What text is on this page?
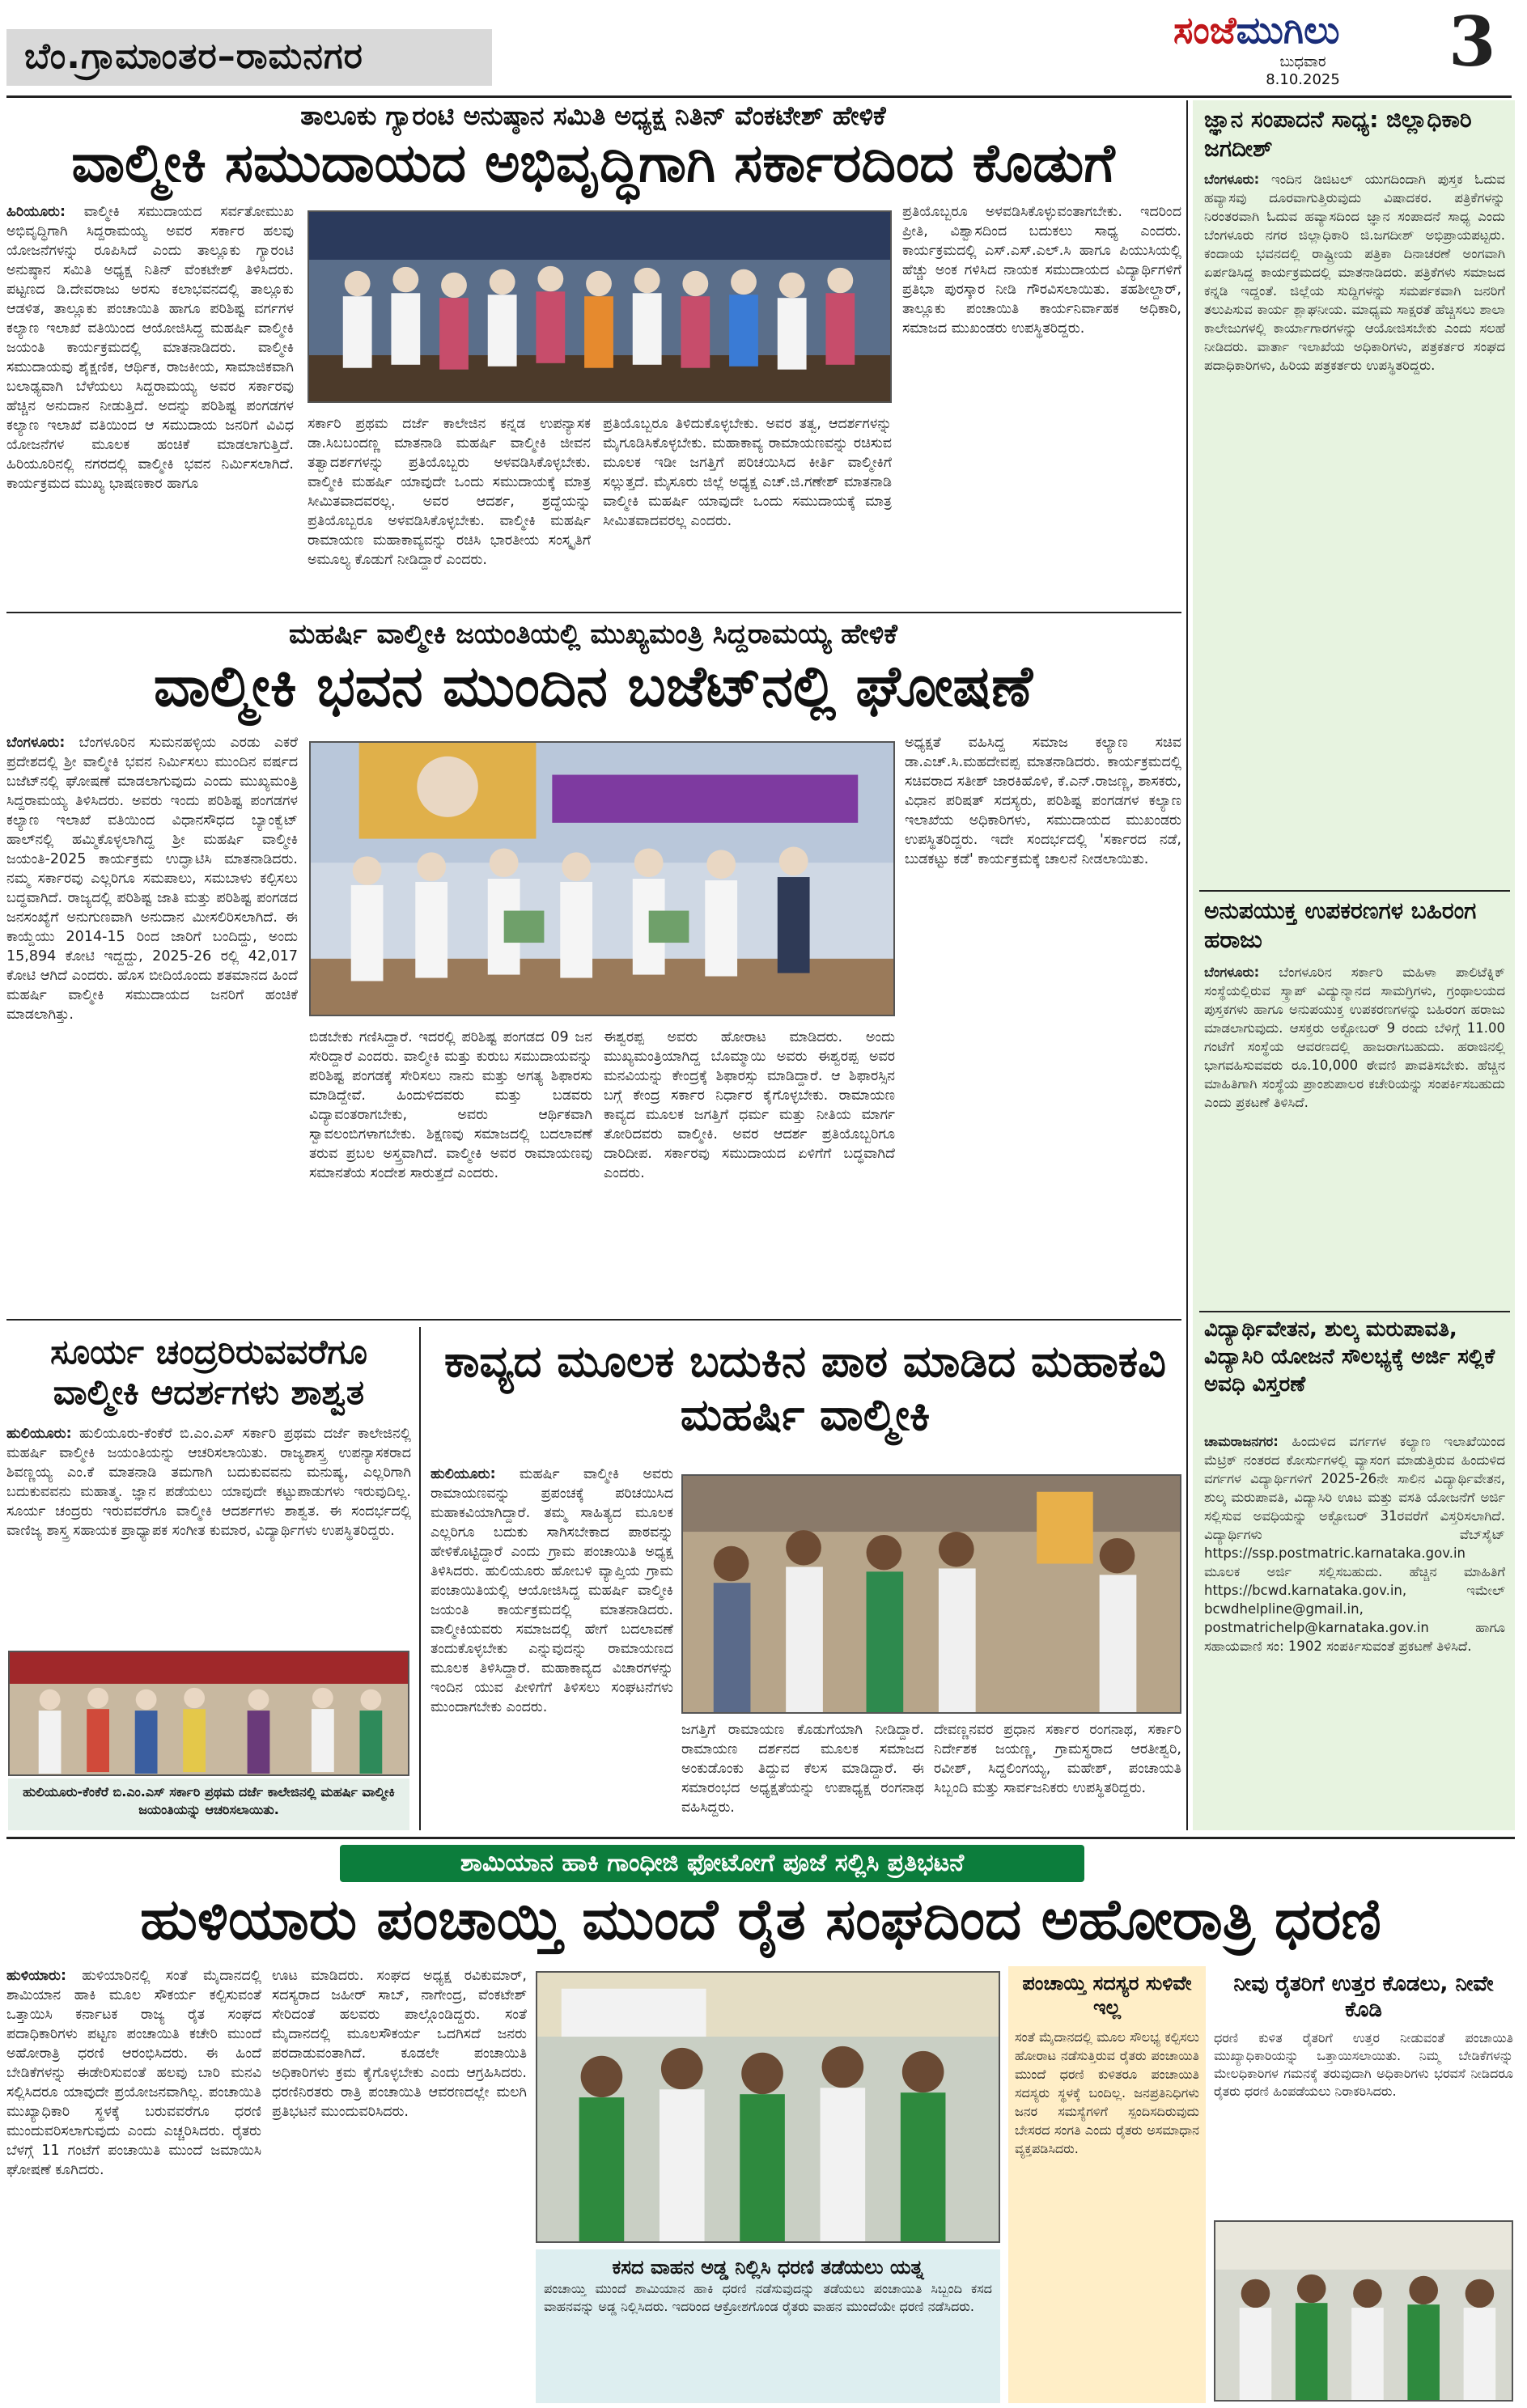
ಬೆಂ.ಗ್ರಾಮಾಂತರ–ರಾಮನಗರ
ಸಂಜೆಮುಗಿಲು
ಬುಧವಾರ
8.10.2025 3
ತಾಲೂಕು ಗ್ಯಾರಂಟಿ ಅನುಷ್ಠಾನ ಸಮಿತಿ ಅಧ್ಯಕ್ಷ ನಿತಿನ್ ವೆಂಕಟೇಶ್ ಹೇಳಿಕೆ
ವಾಲ್ಮೀಕಿ ಸಮುದಾಯದ ಅಭಿವೃದ್ಧಿಗಾಗಿ ಸರ್ಕಾರದಿಂದ ಕೊಡುಗೆ
ಹಿರಿಯೂರು: ವಾಲ್ಮೀಕಿ ಸಮುದಾಯದ ಸರ್ವತೋಮುಖ ಅಭಿವೃದ್ಧಿಗಾಗಿ ಸಿದ್ದರಾಮಯ್ಯ ಅವರ ಸರ್ಕಾರ ಹಲವು ಯೋಜನೆಗಳನ್ನು ರೂಪಿಸಿದೆ ಎಂದು ತಾಲ್ಲೂಕು ಗ್ಯಾರಂಟಿ ಅನುಷ್ಠಾನ ಸಮಿತಿ ಅಧ್ಯಕ್ಷ ನಿತಿನ್ ವೆಂಕಟೇಶ್ ತಿಳಿಸಿದರು. ಪಟ್ಟಣದ ಡಿ.ದೇವರಾಜು ಅರಸು ಕಲಾಭವನದಲ್ಲಿ ತಾಲ್ಲೂಕು ಆಡಳಿತ, ತಾಲ್ಲೂಕು ಪಂಚಾಯಿತಿ ಹಾಗೂ ಪರಿಶಿಷ್ಟ ವರ್ಗಗಳ ಕಲ್ಯಾಣ ಇಲಾಖೆ ವತಿಯಿಂದ ಆಯೋಜಿಸಿದ್ದ ಮಹರ್ಷಿ ವಾಲ್ಮೀಕಿ ಜಯಂತಿ ಕಾರ್ಯಕ್ರಮದಲ್ಲಿ ಮಾತನಾಡಿದರು. ವಾಲ್ಮೀಕಿ ಸಮುದಾಯವು ಶೈಕ್ಷಣಿಕ, ಆರ್ಥಿಕ, ರಾಜಕೀಯ, ಸಾಮಾಜಿಕವಾಗಿ ಬಲಾಢ್ಯವಾಗಿ ಬೆಳೆಯಲು ಸಿದ್ದರಾಮಯ್ಯ ಅವರ ಸರ್ಕಾರವು ಹೆಚ್ಚಿನ ಅನುದಾನ ನೀಡುತ್ತಿದೆ. ಅದನ್ನು ಪರಿಶಿಷ್ಟ ಪಂಗಡಗಳ ಕಲ್ಯಾಣ ಇಲಾಖೆ ವತಿಯಿಂದ ಆ ಸಮುದಾಯ ಜನರಿಗೆ ವಿವಿಧ ಯೋಜನೆಗಳ ಮೂಲಕ ಹಂಚಿಕೆ ಮಾಡಲಾಗುತ್ತಿದೆ. ಹಿರಿಯೂರಿನಲ್ಲಿ ನಗರದಲ್ಲಿ ವಾಲ್ಮೀಕಿ ಭವನ ನಿರ್ಮಿಸಲಾಗಿದೆ. ಕಾರ್ಯಕ್ರಮದ ಮುಖ್ಯ ಭಾಷಣಕಾರ ಹಾಗೂ
ಸರ್ಕಾರಿ ಪ್ರಥಮ ದರ್ಜೆ ಕಾಲೇಜಿನ ಕನ್ನಡ ಉಪನ್ಯಾಸಕ ಡಾ.ಸಿಬಬಂದಣ್ಣ ಮಾತನಾಡಿ ಮಹರ್ಷಿ ವಾಲ್ಮೀಕಿ ಜೀವನ ತತ್ವಾದರ್ಶಗಳನ್ನು ಪ್ರತಿಯೊಬ್ಬರು ಅಳವಡಿಸಿಕೊಳ್ಳಬೇಕು. ವಾಲ್ಮೀಕಿ ಮಹರ್ಷಿ ಯಾವುದೇ ಒಂದು ಸಮುದಾಯಕ್ಕೆ ಮಾತ್ರ ಸೀಮಿತವಾದವರಲ್ಲ. ಅವರ ಆದರ್ಶ, ಶ್ರದ್ಧೆಯನ್ನು ಪ್ರತಿಯೊಬ್ಬರೂ ಅಳವಡಿಸಿಕೊಳ್ಳಬೇಕು. ವಾಲ್ಮೀಕಿ ಮಹರ್ಷಿ ರಾಮಾಯಣ ಮಹಾಕಾವ್ಯವನ್ನು ರಚಿಸಿ ಭಾರತೀಯ ಸಂಸ್ಕೃತಿಗೆ ಅಮೂಲ್ಯ ಕೊಡುಗೆ ನೀಡಿದ್ದಾರೆ ಎಂದರು.
ಪ್ರತಿಯೊಬ್ಬರೂ ತಿಳಿದುಕೊಳ್ಳಬೇಕು. ಅವರ ತತ್ವ, ಆದರ್ಶಗಳನ್ನು ಮೈಗೂಡಿಸಿಕೊಳ್ಳಬೇಕು. ಮಹಾಕಾವ್ಯ ರಾಮಾಯಣವನ್ನು ರಚಿಸುವ ಮೂಲಕ ಇಡೀ ಜಗತ್ತಿಗೆ ಪರಿಚಯಿಸಿದ ಕೀರ್ತಿ ವಾಲ್ಮೀಕಿಗೆ ಸಲ್ಲುತ್ತದೆ. ಮೈಸೂರು ಜಿಲ್ಲೆ ಅಧ್ಯಕ್ಷ ಎಚ್.ಜಿ.ಗಣೇಶ್ ಮಾತನಾಡಿ ವಾಲ್ಮೀಕಿ ಮಹರ್ಷಿ ಯಾವುದೇ ಒಂದು ಸಮುದಾಯಕ್ಕೆ ಮಾತ್ರ ಸೀಮಿತವಾದವರಲ್ಲ ಎಂದರು.
ಪ್ರತಿಯೊಬ್ಬರೂ ಅಳವಡಿಸಿಕೊಳ್ಳುವಂತಾಗಬೇಕು. ಇದರಿಂದ ಪ್ರೀತಿ, ವಿಶ್ವಾಸದಿಂದ ಬದುಕಲು ಸಾಧ್ಯ ಎಂದರು. ಕಾರ್ಯಕ್ರಮದಲ್ಲಿ ಎಸ್.ಎಸ್.ಎಲ್.ಸಿ ಹಾಗೂ ಪಿಯುಸಿಯಲ್ಲಿ ಹೆಚ್ಚು ಅಂಕ ಗಳಿಸಿದ ನಾಯಕ ಸಮುದಾಯದ ವಿದ್ಯಾರ್ಥಿಗಳಿಗೆ ಪ್ರತಿಭಾ ಪುರಸ್ಕಾರ ನೀಡಿ ಗೌರವಿಸಲಾಯಿತು. ತಹಶೀಲ್ದಾರ್, ತಾಲ್ಲೂಕು ಪಂಚಾಯಿತಿ ಕಾರ್ಯನಿರ್ವಾಹಕ ಅಧಿಕಾರಿ, ಸಮಾಜದ ಮುಖಂಡರು ಉಪಸ್ಥಿತರಿದ್ದರು.
ಮಹರ್ಷಿ ವಾಲ್ಮೀಕಿ ಜಯಂತಿಯಲ್ಲಿ ಮುಖ್ಯಮಂತ್ರಿ ಸಿದ್ದರಾಮಯ್ಯ ಹೇಳಿಕೆ
ವಾಲ್ಮೀಕಿ ಭವನ ಮುಂದಿನ ಬಜೆಟ್‌ನಲ್ಲಿ ಘೋಷಣೆ
ಬೆಂಗಳೂರು: ಬೆಂಗಳೂರಿನ ಸುಮನಹಳ್ಳಿಯ ಎರಡು ಎಕರೆ ಪ್ರದೇಶದಲ್ಲಿ ಶ್ರೀ ವಾಲ್ಮೀಕಿ ಭವನ ನಿರ್ಮಿಸಲು ಮುಂದಿನ ವರ್ಷದ ಬಜೆಟ್‌ನಲ್ಲಿ ಘೋಷಣೆ ಮಾಡಲಾಗುವುದು ಎಂದು ಮುಖ್ಯಮಂತ್ರಿ ಸಿದ್ದರಾಮಯ್ಯ ತಿಳಿಸಿದರು. ಅವರು ಇಂದು ಪರಿಶಿಷ್ಟ ಪಂಗಡಗಳ ಕಲ್ಯಾಣ ಇಲಾಖೆ ವತಿಯಿಂದ ವಿಧಾನಸೌಧದ ಬ್ಯಾಂಕ್ವೆಟ್ ಹಾಲ್‌ನಲ್ಲಿ ಹಮ್ಮಿಕೊಳ್ಳಲಾಗಿದ್ದ ಶ್ರೀ ಮಹರ್ಷಿ ವಾಲ್ಮೀಕಿ ಜಯಂತಿ-2025 ಕಾರ್ಯಕ್ರಮ ಉದ್ಘಾಟಿಸಿ ಮಾತನಾಡಿದರು. ನಮ್ಮ ಸರ್ಕಾರವು ಎಲ್ಲರಿಗೂ ಸಮಪಾಲು, ಸಮಬಾಳು ಕಲ್ಪಿಸಲು ಬದ್ಧವಾಗಿದೆ. ರಾಜ್ಯದಲ್ಲಿ ಪರಿಶಿಷ್ಟ ಜಾತಿ ಮತ್ತು ಪರಿಶಿಷ್ಟ ಪಂಗಡದ ಜನಸಂಖ್ಯೆಗೆ ಅನುಗುಣವಾಗಿ ಅನುದಾನ ಮೀಸಲಿರಿಸಲಾಗಿದೆ. ಈ ಕಾಯ್ದೆಯು 2014-15 ರಿಂದ ಜಾರಿಗೆ ಬಂದಿದ್ದು, ಅಂದು 15,894 ಕೋಟಿ ಇದ್ದದ್ದು, 2025-26 ರಲ್ಲಿ 42,017 ಕೋಟಿ ಆಗಿದೆ ಎಂದರು. ಹೊಸ ಬೀದಿಯೊಂದು ಶತಮಾನದ ಹಿಂದೆ ಮಹರ್ಷಿ ವಾಲ್ಮೀಕಿ ಸಮುದಾಯದ ಜನರಿಗೆ ಹಂಚಿಕೆ ಮಾಡಲಾಗಿತ್ತು.
ಬಿಡಬೇಕು ಗಣಿಸಿದ್ದಾರೆ. ಇದರಲ್ಲಿ ಪರಿಶಿಷ್ಟ ಪಂಗಡದ 09 ಜನ ಸೇರಿದ್ದಾರೆ ಎಂದರು. ವಾಲ್ಮೀಕಿ ಮತ್ತು ಕುರುಬ ಸಮುದಾಯವನ್ನು ಪರಿಶಿಷ್ಟ ಪಂಗಡಕ್ಕೆ ಸೇರಿಸಲು ನಾನು ಮತ್ತು ಅಗತ್ಯ ಶಿಫಾರಸು ಮಾಡಿದ್ದೇವೆ. ಹಿಂದುಳಿದವರು ಮತ್ತು ಬಡವರು ವಿದ್ಯಾವಂತರಾಗಬೇಕು, ಅವರು ಆರ್ಥಿಕವಾಗಿ ಸ್ವಾವಲಂಬಿಗಳಾಗಬೇಕು. ಶಿಕ್ಷಣವು ಸಮಾಜದಲ್ಲಿ ಬದಲಾವಣೆ ತರುವ ಪ್ರಬಲ ಅಸ್ತ್ರವಾಗಿದೆ. ವಾಲ್ಮೀಕಿ ಅವರ ರಾಮಾಯಣವು ಸಮಾನತೆಯ ಸಂದೇಶ ಸಾರುತ್ತದೆ ಎಂದರು.
ಈಶ್ವರಪ್ಪ ಅವರು ಹೋರಾಟ ಮಾಡಿದರು. ಅಂದು ಮುಖ್ಯಮಂತ್ರಿಯಾಗಿದ್ದ ಬೊಮ್ಮಾಯಿ ಅವರು ಈಶ್ವರಪ್ಪ ಅವರ ಮನವಿಯನ್ನು ಕೇಂದ್ರಕ್ಕೆ ಶಿಫಾರಸ್ಸು ಮಾಡಿದ್ದಾರೆ. ಆ ಶಿಫಾರಸ್ಸಿನ ಬಗ್ಗೆ ಕೇಂದ್ರ ಸರ್ಕಾರ ನಿರ್ಧಾರ ಕೈಗೊಳ್ಳಬೇಕು. ರಾಮಾಯಣ ಕಾವ್ಯದ ಮೂಲಕ ಜಗತ್ತಿಗೆ ಧರ್ಮ ಮತ್ತು ನೀತಿಯ ಮಾರ್ಗ ತೋರಿದವರು ವಾಲ್ಮೀಕಿ. ಅವರ ಆದರ್ಶ ಪ್ರತಿಯೊಬ್ಬರಿಗೂ ದಾರಿದೀಪ. ಸರ್ಕಾರವು ಸಮುದಾಯದ ಏಳಿಗೆಗೆ ಬದ್ಧವಾಗಿದೆ ಎಂದರು.
ಅಧ್ಯಕ್ಷತೆ ವಹಿಸಿದ್ದ ಸಮಾಜ ಕಲ್ಯಾಣ ಸಚಿವ ಡಾ.ಎಚ್.ಸಿ.ಮಹದೇವಪ್ಪ ಮಾತನಾಡಿದರು. ಕಾರ್ಯಕ್ರಮದಲ್ಲಿ ಸಚಿವರಾದ ಸತೀಶ್ ಜಾರಕಿಹೊಳಿ, ಕೆ.ಎನ್.ರಾಜಣ್ಣ, ಶಾಸಕರು, ವಿಧಾನ ಪರಿಷತ್ ಸದಸ್ಯರು, ಪರಿಶಿಷ್ಟ ಪಂಗಡಗಳ ಕಲ್ಯಾಣ ಇಲಾಖೆಯ ಅಧಿಕಾರಿಗಳು, ಸಮುದಾಯದ ಮುಖಂಡರು ಉಪಸ್ಥಿತರಿದ್ದರು. ಇದೇ ಸಂದರ್ಭದಲ್ಲಿ 'ಸರ್ಕಾರದ ನಡೆ, ಬುಡಕಟ್ಟು ಕಡೆ' ಕಾರ್ಯಕ್ರಮಕ್ಕೆ ಚಾಲನೆ ನೀಡಲಾಯಿತು.
ಸೂರ್ಯ ಚಂದ್ರರಿರುವವರೆಗೂ ವಾಲ್ಮೀಕಿ ಆದರ್ಶಗಳು ಶಾಶ್ವತ
ಹುಲಿಯೂರು: ಹುಲಿಯೂರು-ಕೆಂಕೆರೆ ಬಿ.ಎಂ.ಎಸ್ ಸರ್ಕಾರಿ ಪ್ರಥಮ ದರ್ಜೆ ಕಾಲೇಜಿನಲ್ಲಿ ಮಹರ್ಷಿ ವಾಲ್ಮೀಕಿ ಜಯಂತಿಯನ್ನು ಆಚರಿಸಲಾಯಿತು. ರಾಜ್ಯಶಾಸ್ತ್ರ ಉಪನ್ಯಾಸಕರಾದ ಶಿವಣ್ಣಯ್ಯ ಎಂ.ಕೆ ಮಾತನಾಡಿ ತಮಗಾಗಿ ಬದುಕುವವನು ಮನುಷ್ಯ, ಎಲ್ಲರಿಗಾಗಿ ಬದುಕುವವನು ಮಹಾತ್ಮ. ಜ್ಞಾನ ಪಡೆಯಲು ಯಾವುದೇ ಕಟ್ಟುಪಾಡುಗಳು ಇರುವುದಿಲ್ಲ. ಸೂರ್ಯ ಚಂದ್ರರು ಇರುವವರೆಗೂ ವಾಲ್ಮೀಕಿ ಆದರ್ಶಗಳು ಶಾಶ್ವತ. ಈ ಸಂದರ್ಭದಲ್ಲಿ ವಾಣಿಜ್ಯ ಶಾಸ್ತ್ರ ಸಹಾಯಕ ಪ್ರಾಧ್ಯಾಪಕ ಸಂಗೀತ ಕುಮಾರ, ವಿದ್ಯಾರ್ಥಿಗಳು ಉಪಸ್ಥಿತರಿದ್ದರು.
ಹುಲಿಯೂರು-ಕೆಂಕೆರೆ ಬಿ.ಎಂ.ಎಸ್ ಸರ್ಕಾರಿ ಪ್ರಥಮ ದರ್ಜೆ ಕಾಲೇಜಿನಲ್ಲಿ ಮಹರ್ಷಿ ವಾಲ್ಮೀಕಿ ಜಯಂತಿಯನ್ನು ಆಚರಿಸಲಾಯಿತು.
ಕಾವ್ಯದ ಮೂಲಕ ಬದುಕಿನ ಪಾಠ ಮಾಡಿದ ಮಹಾಕವಿ ಮಹರ್ಷಿ ವಾಲ್ಮೀಕಿ
ಹುಲಿಯೂರು: ಮಹರ್ಷಿ ವಾಲ್ಮೀಕಿ ಅವರು ರಾಮಾಯಣವನ್ನು ಪ್ರಪಂಚಕ್ಕೆ ಪರಿಚಯಿಸಿದ ಮಹಾಕವಿಯಾಗಿದ್ದಾರೆ. ತಮ್ಮ ಸಾಹಿತ್ಯದ ಮೂಲಕ ಎಲ್ಲರಿಗೂ ಬದುಕು ಸಾಗಿಸಬೇಕಾದ ಪಾಠವನ್ನು ಹೇಳಿಕೊಟ್ಟಿದ್ದಾರೆ ಎಂದು ಗ್ರಾಮ ಪಂಚಾಯಿತಿ ಅಧ್ಯಕ್ಷ ತಿಳಿಸಿದರು. ಹುಲಿಯೂರು ಹೋಬಳಿ ವ್ಯಾಪ್ತಿಯ ಗ್ರಾಮ ಪಂಚಾಯಿತಿಯಲ್ಲಿ ಆಯೋಜಿಸಿದ್ದ ಮಹರ್ಷಿ ವಾಲ್ಮೀಕಿ ಜಯಂತಿ ಕಾರ್ಯಕ್ರಮದಲ್ಲಿ ಮಾತನಾಡಿದರು. ವಾಲ್ಮೀಕಿಯವರು ಸಮಾಜದಲ್ಲಿ ಹೇಗೆ ಬದಲಾವಣೆ ತಂದುಕೊಳ್ಳಬೇಕು ಎನ್ನುವುದನ್ನು ರಾಮಾಯಣದ ಮೂಲಕ ತಿಳಿಸಿದ್ದಾರೆ. ಮಹಾಕಾವ್ಯದ ವಿಚಾರಗಳನ್ನು ಇಂದಿನ ಯುವ ಪೀಳಿಗೆಗೆ ತಿಳಿಸಲು ಸಂಘಟನೆಗಳು ಮುಂದಾಗಬೇಕು ಎಂದರು.
ಜಗತ್ತಿಗೆ ರಾಮಾಯಣ ಕೊಡುಗೆಯಾಗಿ ನೀಡಿದ್ದಾರೆ. ರಾಮಾಯಣ ದರ್ಶನದ ಮೂಲಕ ಸಮಾಜದ ಅಂಕುಡೊಂಕು ತಿದ್ದುವ ಕೆಲಸ ಮಾಡಿದ್ದಾರೆ. ಈ ಸಮಾರಂಭದ ಅಧ್ಯಕ್ಷತೆಯನ್ನು ಉಪಾಧ್ಯಕ್ಷ ರಂಗನಾಥ ವಹಿಸಿದ್ದರು.
ದೇವಣ್ಣನವರ ಪ್ರಧಾನ ಸರ್ಕಾರ ರಂಗನಾಥ, ಸರ್ಕಾರಿ ನಿರ್ದೇಶಕ ಜಯಣ್ಣ, ಗ್ರಾಮಸ್ಥರಾದ ಆರತೀಶ್ವರಿ, ರವೀಶ್, ಸಿದ್ದಲಿಂಗಯ್ಯ, ಮಹೇಶ್, ಪಂಚಾಯತಿ ಸಿಬ್ಬಂದಿ ಮತ್ತು ಸಾರ್ವಜನಿಕರು ಉಪಸ್ಥಿತರಿದ್ದರು.
ಜ್ಞಾನ ಸಂಪಾದನೆ ಸಾಧ್ಯ: ಜಿಲ್ಲಾಧಿಕಾರಿ ಜಗದೀಶ್
ಬೆಂಗಳೂರು: ಇಂದಿನ ಡಿಜಿಟಲ್ ಯುಗದಿಂದಾಗಿ ಪುಸ್ತಕ ಓದುವ ಹವ್ಯಾಸವು ದೂರವಾಗುತ್ತಿರುವುದು ವಿಷಾದಕರ. ಪತ್ರಿಕೆಗಳನ್ನು ನಿರಂತರವಾಗಿ ಓದುವ ಹವ್ಯಾಸದಿಂದ ಜ್ಞಾನ ಸಂಪಾದನೆ ಸಾಧ್ಯ ಎಂದು ಬೆಂಗಳೂರು ನಗರ ಜಿಲ್ಲಾಧಿಕಾರಿ ಜಿ.ಜಗದೀಶ್ ಅಭಿಪ್ರಾಯಪಟ್ಟರು. ಕಂದಾಯ ಭವನದಲ್ಲಿ ರಾಷ್ಟ್ರೀಯ ಪತ್ರಿಕಾ ದಿನಾಚರಣೆ ಅಂಗವಾಗಿ ಏರ್ಪಡಿಸಿದ್ದ ಕಾರ್ಯಕ್ರಮದಲ್ಲಿ ಮಾತನಾಡಿದರು. ಪತ್ರಿಕೆಗಳು ಸಮಾಜದ ಕನ್ನಡಿ ಇದ್ದಂತೆ. ಜಿಲ್ಲೆಯ ಸುದ್ದಿಗಳನ್ನು ಸಮರ್ಪಕವಾಗಿ ಜನರಿಗೆ ತಲುಪಿಸುವ ಕಾರ್ಯ ಶ್ಲಾಘನೀಯ. ಮಾಧ್ಯಮ ಸಾಕ್ಷರತೆ ಹೆಚ್ಚಿಸಲು ಶಾಲಾ ಕಾಲೇಜುಗಳಲ್ಲಿ ಕಾರ್ಯಾಗಾರಗಳನ್ನು ಆಯೋಜಿಸಬೇಕು ಎಂದು ಸಲಹೆ ನೀಡಿದರು. ವಾರ್ತಾ ಇಲಾಖೆಯ ಅಧಿಕಾರಿಗಳು, ಪತ್ರಕರ್ತರ ಸಂಘದ ಪದಾಧಿಕಾರಿಗಳು, ಹಿರಿಯ ಪತ್ರಕರ್ತರು ಉಪಸ್ಥಿತರಿದ್ದರು.
ಅನುಪಯುಕ್ತ ಉಪಕರಣಗಳ ಬಹಿರಂಗ ಹರಾಜು
ಬೆಂಗಳೂರು: ಬೆಂಗಳೂರಿನ ಸರ್ಕಾರಿ ಮಹಿಳಾ ಪಾಲಿಟೆಕ್ನಿಕ್ ಸಂಸ್ಥೆಯಲ್ಲಿರುವ ಸ್ಕ್ರಾಪ್ ವಿದ್ಯುನ್ಮಾನದ ಸಾಮಗ್ರಿಗಳು, ಗ್ರಂಥಾಲಯದ ಪುಸ್ತಕಗಳು ಹಾಗೂ ಅನುಪಯುಕ್ತ ಉಪಕರಣಗಳನ್ನು ಬಹಿರಂಗ ಹರಾಜು ಮಾಡಲಾಗುವುದು. ಆಸಕ್ತರು ಅಕ್ಟೋಬರ್ 9 ರಂದು ಬೆಳಿಗ್ಗೆ 11.00 ಗಂಟೆಗೆ ಸಂಸ್ಥೆಯ ಆವರಣದಲ್ಲಿ ಹಾಜರಾಗಬಹುದು. ಹರಾಜಿನಲ್ಲಿ ಭಾಗವಹಿಸುವವರು ರೂ.10,000 ಠೇವಣಿ ಪಾವತಿಸಬೇಕು. ಹೆಚ್ಚಿನ ಮಾಹಿತಿಗಾಗಿ ಸಂಸ್ಥೆಯ ಪ್ರಾಂಶುಪಾಲರ ಕಚೇರಿಯನ್ನು ಸಂಪರ್ಕಿಸಬಹುದು ಎಂದು ಪ್ರಕಟಣೆ ತಿಳಿಸಿದೆ.
ವಿದ್ಯಾರ್ಥಿವೇತನ, ಶುಲ್ಕ ಮರುಪಾವತಿ, ವಿದ್ಯಾಸಿರಿ ಯೋಜನೆ ಸೌಲಭ್ಯಕ್ಕೆ ಅರ್ಜಿ ಸಲ್ಲಿಕೆ ಅವಧಿ ವಿಸ್ತರಣೆ
ಚಾಮರಾಜನಗರ: ಹಿಂದುಳಿದ ವರ್ಗಗಳ ಕಲ್ಯಾಣ ಇಲಾಖೆಯಿಂದ ಮೆಟ್ರಿಕ್ ನಂತರದ ಕೋರ್ಸುಗಳಲ್ಲಿ ವ್ಯಾಸಂಗ ಮಾಡುತ್ತಿರುವ ಹಿಂದುಳಿದ ವರ್ಗಗಳ ವಿದ್ಯಾರ್ಥಿಗಳಿಗೆ 2025-26ನೇ ಸಾಲಿನ ವಿದ್ಯಾರ್ಥಿವೇತನ, ಶುಲ್ಕ ಮರುಪಾವತಿ, ವಿದ್ಯಾಸಿರಿ ಊಟ ಮತ್ತು ವಸತಿ ಯೋಜನೆಗೆ ಅರ್ಜಿ ಸಲ್ಲಿಸುವ ಅವಧಿಯನ್ನು ಅಕ್ಟೋಬರ್ 31ರವರೆಗೆ ವಿಸ್ತರಿಸಲಾಗಿದೆ. ವಿದ್ಯಾರ್ಥಿಗಳು ವೆಬ್‌ಸೈಟ್ https://ssp.postmatric.karnataka.gov.in ಮೂಲಕ ಅರ್ಜಿ ಸಲ್ಲಿಸಬಹುದು. ಹೆಚ್ಚಿನ ಮಾಹಿತಿಗೆ https://bcwd.karnataka.gov.in, ಇಮೇಲ್ bcwdhelpline@gmail.in, postmatrichelp@karnataka.gov.in ಹಾಗೂ ಸಹಾಯವಾಣಿ ಸಂ: 1902 ಸಂಪರ್ಕಿಸುವಂತೆ ಪ್ರಕಟಣೆ ತಿಳಿಸಿದೆ.
ಶಾಮಿಯಾನ ಹಾಕಿ ಗಾಂಧೀಜಿ ಫೋಟೋಗೆ ಪೂಜೆ ಸಲ್ಲಿಸಿ ಪ್ರತಿಭಟನೆ
ಹುಳಿಯಾರು ಪಂಚಾಯ್ತಿ ಮುಂದೆ ರೈತ ಸಂಘದಿಂದ ಅಹೋರಾತ್ರಿ ಧರಣಿ
ಹುಳಿಯಾರು: ಹುಳಿಯಾರಿನಲ್ಲಿ ಸಂತೆ ಮೈದಾನದಲ್ಲಿ ಶಾಮಿಯಾನ ಹಾಕಿ ಮೂಲ ಸೌಕರ್ಯ ಕಲ್ಪಿಸುವಂತೆ ಒತ್ತಾಯಿಸಿ ಕರ್ನಾಟಕ ರಾಜ್ಯ ರೈತ ಸಂಘದ ಪದಾಧಿಕಾರಿಗಳು ಪಟ್ಟಣ ಪಂಚಾಯಿತಿ ಕಚೇರಿ ಮುಂದೆ ಅಹೋರಾತ್ರಿ ಧರಣಿ ಆರಂಭಿಸಿದರು. ಈ ಹಿಂದೆ ಬೇಡಿಕೆಗಳನ್ನು ಈಡೇರಿಸುವಂತೆ ಹಲವು ಬಾರಿ ಮನವಿ ಸಲ್ಲಿಸಿದರೂ ಯಾವುದೇ ಪ್ರಯೋಜನವಾಗಿಲ್ಲ. ಪಂಚಾಯಿತಿ ಮುಖ್ಯಾಧಿಕಾರಿ ಸ್ಥಳಕ್ಕೆ ಬರುವವರೆಗೂ ಧರಣಿ ಮುಂದುವರಿಸಲಾಗುವುದು ಎಂದು ಎಚ್ಚರಿಸಿದರು. ರೈತರು ಬೆಳಗ್ಗೆ 11 ಗಂಟೆಗೆ ಪಂಚಾಯಿತಿ ಮುಂದೆ ಜಮಾಯಿಸಿ ಘೋಷಣೆ ಕೂಗಿದರು.
ಊಟ ಮಾಡಿದರು. ಸಂಘದ ಅಧ್ಯಕ್ಷ ರವಿಕುಮಾರ್, ಸದಸ್ಯರಾದ ಜಹೀರ್ ಸಾಬ್, ನಾಗೇಂದ್ರ, ವೆಂಕಟೇಶ್ ಸೇರಿದಂತೆ ಹಲವರು ಪಾಲ್ಗೊಂಡಿದ್ದರು. ಸಂತೆ ಮೈದಾನದಲ್ಲಿ ಮೂಲಸೌಕರ್ಯ ಒದಗಿಸದೆ ಜನರು ಪರದಾಡುವಂತಾಗಿದೆ. ಕೂಡಲೇ ಪಂಚಾಯಿತಿ ಅಧಿಕಾರಿಗಳು ಕ್ರಮ ಕೈಗೊಳ್ಳಬೇಕು ಎಂದು ಆಗ್ರಹಿಸಿದರು. ಧರಣಿನಿರತರು ರಾತ್ರಿ ಪಂಚಾಯಿತಿ ಆವರಣದಲ್ಲೇ ಮಲಗಿ ಪ್ರತಿಭಟನೆ ಮುಂದುವರಿಸಿದರು.
ಕಸದ ವಾಹನ ಅಡ್ಡ ನಿಲ್ಲಿಸಿ ಧರಣಿ ತಡೆಯಲು ಯತ್ನ
ಪಂಚಾಯ್ತಿ ಮುಂದೆ ಶಾಮಿಯಾನ ಹಾಕಿ ಧರಣಿ ನಡೆಸುವುದನ್ನು ತಡೆಯಲು ಪಂಚಾಯಿತಿ ಸಿಬ್ಬಂದಿ ಕಸದ ವಾಹನವನ್ನು ಅಡ್ಡ ನಿಲ್ಲಿಸಿದರು. ಇದರಿಂದ ಆಕ್ರೋಶಗೊಂಡ ರೈತರು ವಾಹನ ಮುಂದೆಯೇ ಧರಣಿ ನಡೆಸಿದರು.
ಪಂಚಾಯ್ತಿ ಸದಸ್ಯರ ಸುಳಿವೇ ಇಲ್ಲ
ಸಂತೆ ಮೈದಾನದಲ್ಲಿ ಮೂಲ ಸೌಲಭ್ಯ ಕಲ್ಪಿಸಲು ಹೋರಾಟ ನಡೆಸುತ್ತಿರುವ ರೈತರು ಪಂಚಾಯಿತಿ ಮುಂದೆ ಧರಣಿ ಕುಳಿತರೂ ಪಂಚಾಯಿತಿ ಸದಸ್ಯರು ಸ್ಥಳಕ್ಕೆ ಬಂದಿಲ್ಲ. ಜನಪ್ರತಿನಿಧಿಗಳು ಜನರ ಸಮಸ್ಯೆಗಳಿಗೆ ಸ್ಪಂದಿಸದಿರುವುದು ಬೇಸರದ ಸಂಗತಿ ಎಂದು ರೈತರು ಅಸಮಾಧಾನ ವ್ಯಕ್ತಪಡಿಸಿದರು.
ನೀವು ರೈತರಿಗೆ ಉತ್ತರ ಕೊಡಲು, ನೀವೇ ಕೊಡಿ
ಧರಣಿ ಕುಳಿತ ರೈತರಿಗೆ ಉತ್ತರ ನೀಡುವಂತೆ ಪಂಚಾಯಿತಿ ಮುಖ್ಯಾಧಿಕಾರಿಯನ್ನು ಒತ್ತಾಯಿಸಲಾಯಿತು. ನಿಮ್ಮ ಬೇಡಿಕೆಗಳನ್ನು ಮೇಲಧಿಕಾರಿಗಳ ಗಮನಕ್ಕೆ ತರುವುದಾಗಿ ಅಧಿಕಾರಿಗಳು ಭರವಸೆ ನೀಡಿದರೂ ರೈತರು ಧರಣಿ ಹಿಂಪಡೆಯಲು ನಿರಾಕರಿಸಿದರು.
